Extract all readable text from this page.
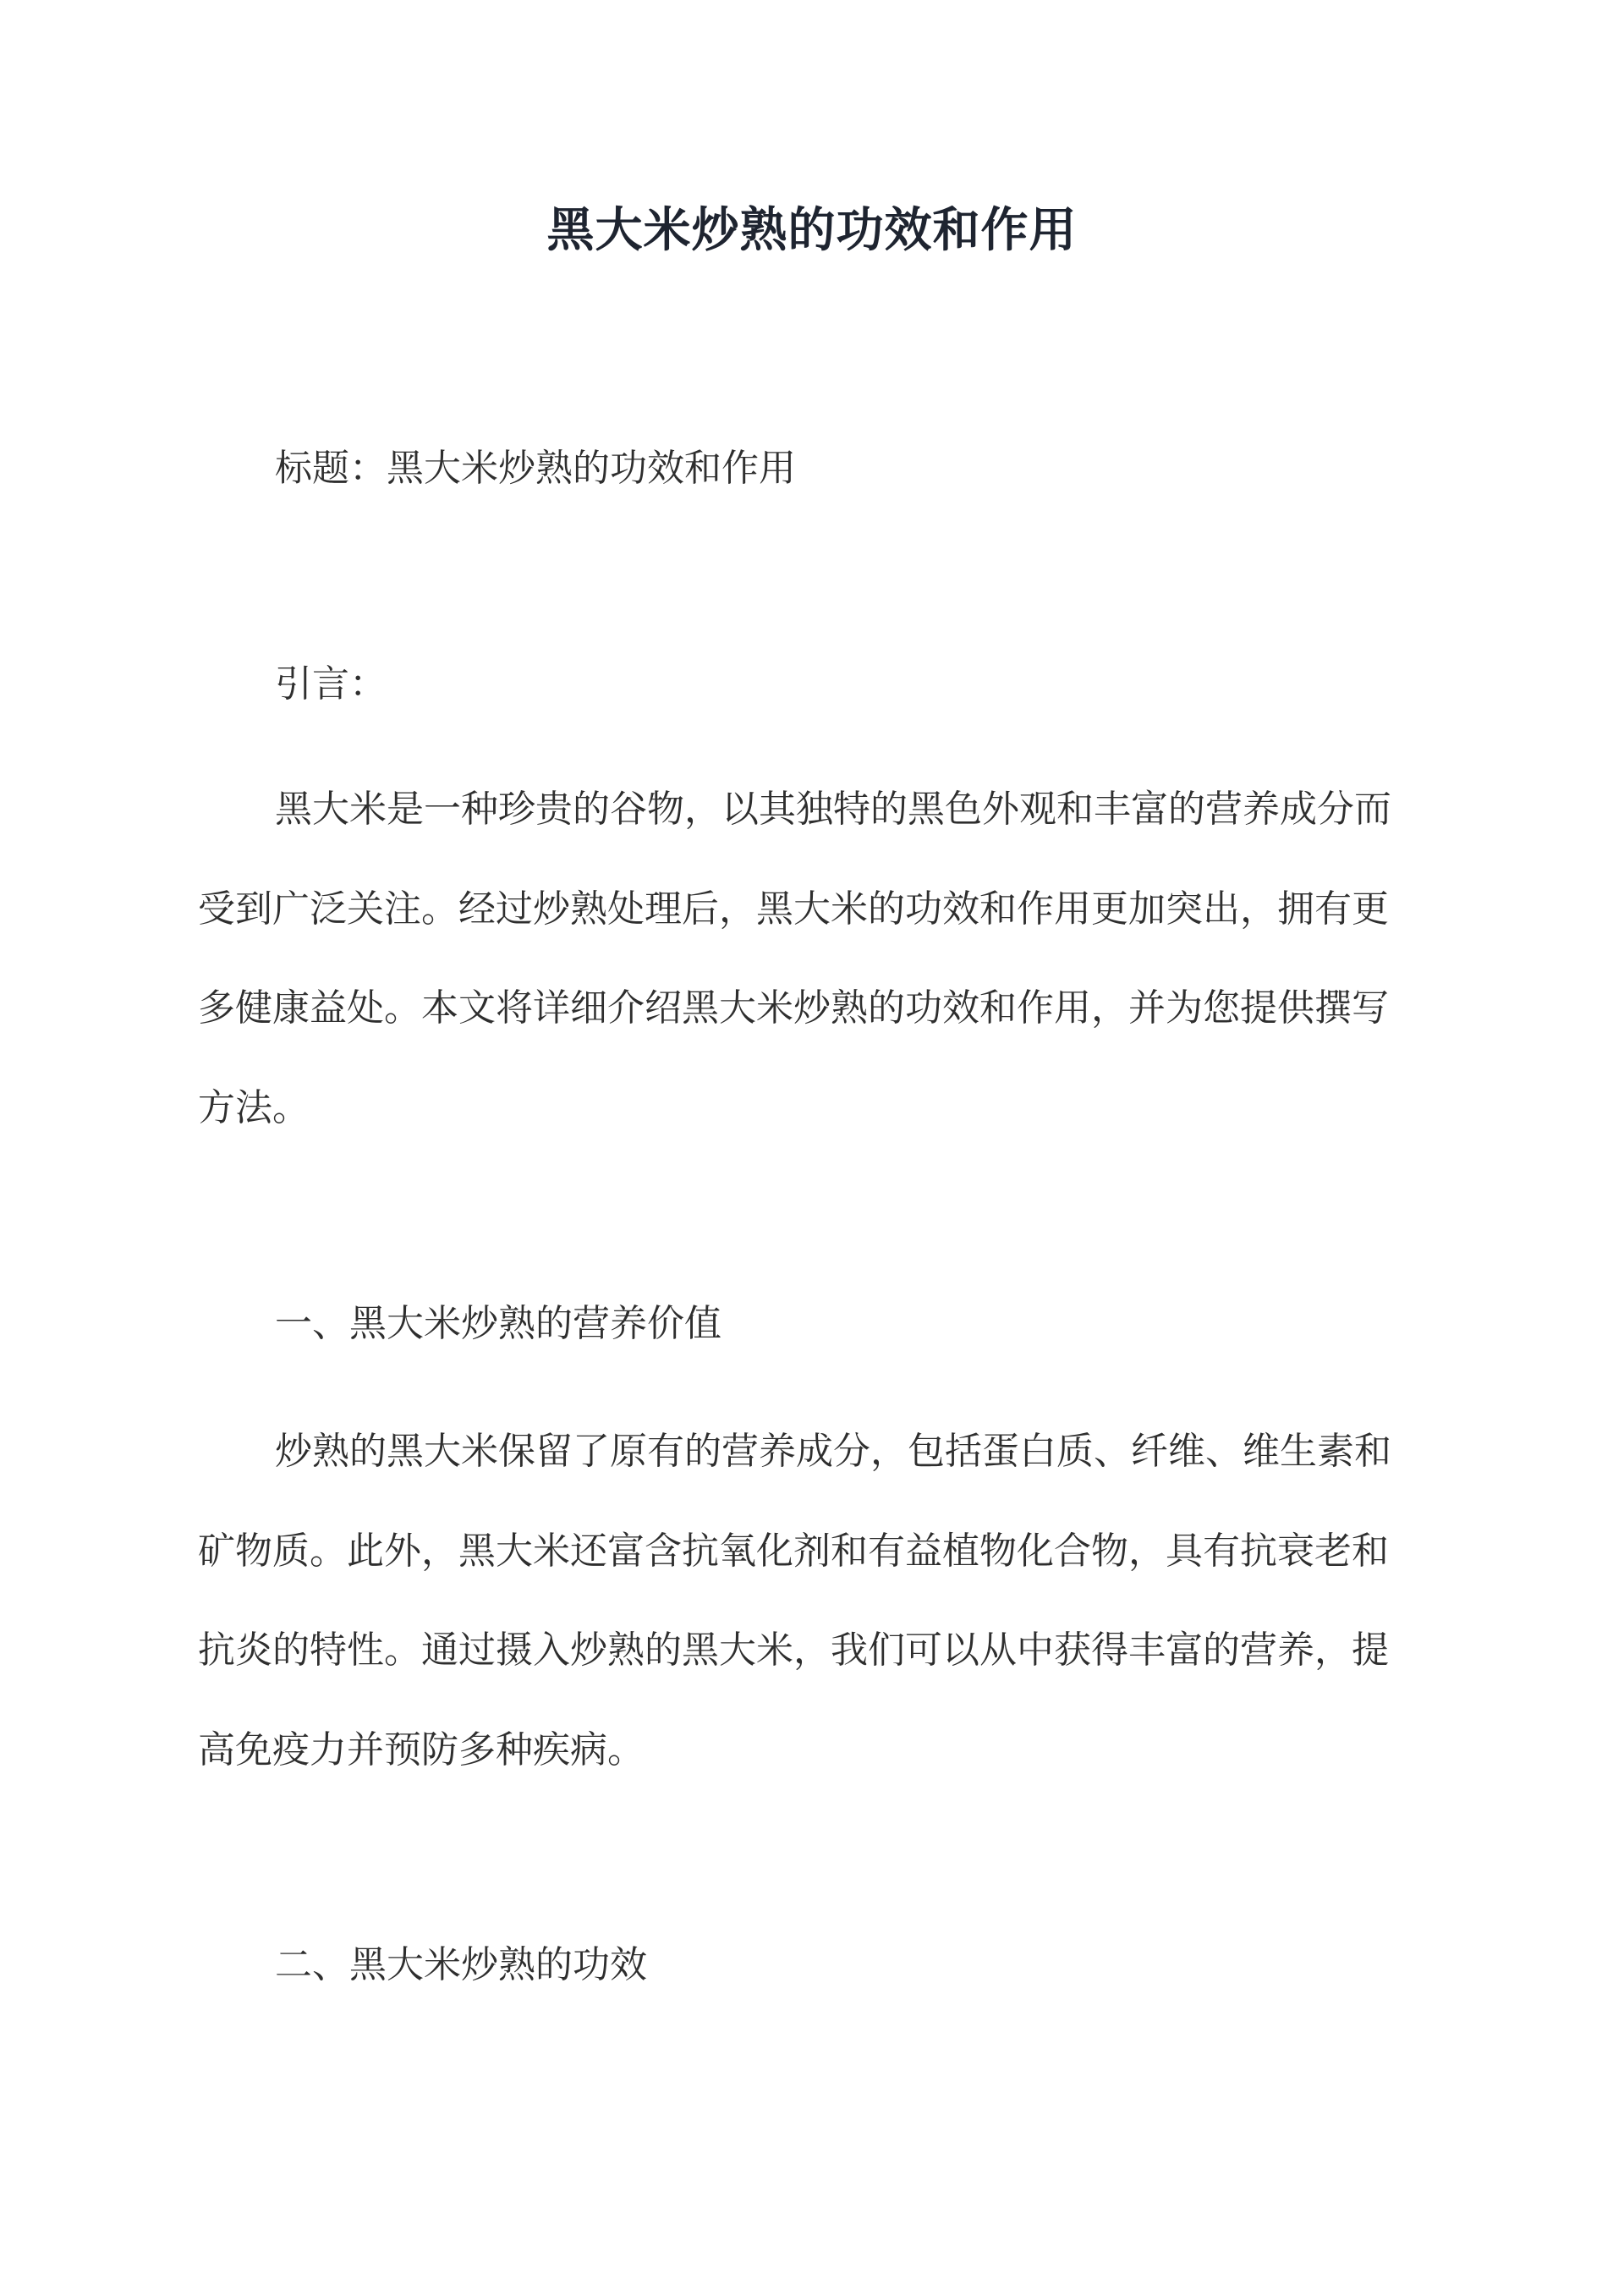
黑大米炒熟的功效和作用
标题：黑大米炒熟的功效和作用
引言：
黑大米是一种珍贵的谷物，以其独特的黑色外观和丰富的营养成分而
受到广泛关注。经过炒熟处理后，黑大米的功效和作用更加突出，拥有更
多健康益处。本文将详细介绍黑大米炒熟的功效和作用，并为您提供撰写
方法。
一、黑大米炒熟的营养价值
炒熟的黑大米保留了原有的营养成分，包括蛋白质、纤维、维生素和
矿物质。此外，黑大米还富含抗氧化剂和有益植物化合物，具有抗衰老和
抗炎的特性。通过摄入炒熟的黑大米，我们可以从中获得丰富的营养，提
高免疫力并预防多种疾病。
二、黑大米炒熟的功效
